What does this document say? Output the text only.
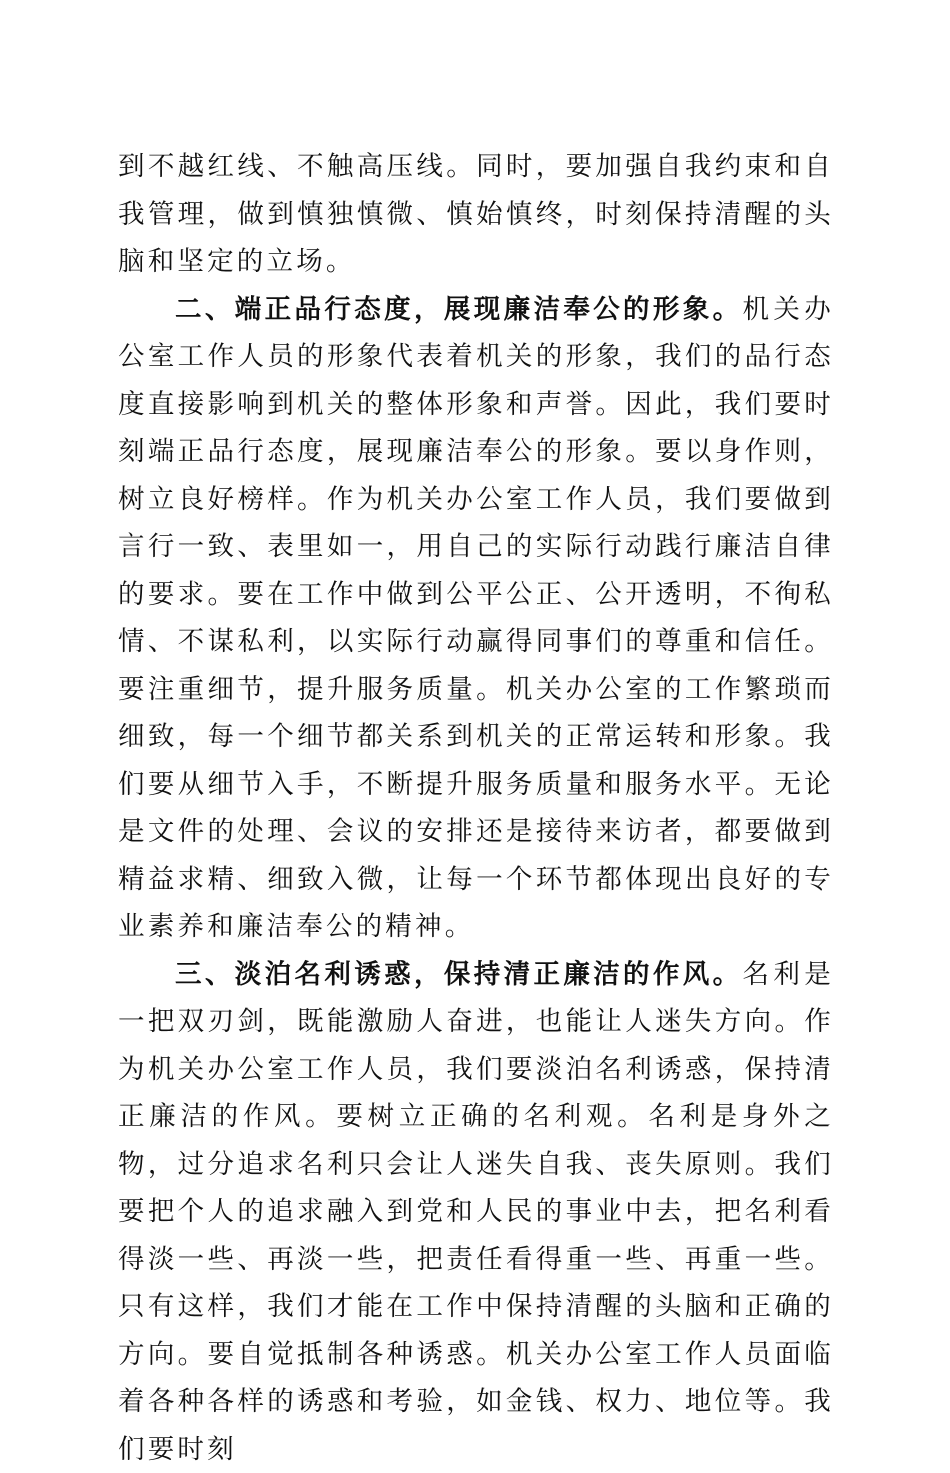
到不越红线、不触高压线。同时，要加强自我约束和自我管理，做到慎独慎微、慎始慎终，时刻保持清醒的头脑和坚定的立场。

二、端正品行态度，展现廉洁奉公的形象。机关办公室工作人员的形象代表着机关的形象，我们的品行态度直接影响到机关的整体形象和声誉。因此，我们要时刻端正品行态度，展现廉洁奉公的形象。要以身作则，树立良好榜样。作为机关办公室工作人员，我们要做到言行一致、表里如一，用自己的实际行动践行廉洁自律的要求。要在工作中做到公平公正、公开透明，不徇私情、不谋私利，以实际行动赢得同事们的尊重和信任。要注重细节，提升服务质量。机关办公室的工作繁琐而细致，每一个细节都关系到机关的正常运转和形象。我们要从细节入手，不断提升服务质量和服务水平。无论是文件的处理、会议的安排还是接待来访者，都要做到精益求精、细致入微，让每一个环节都体现出良好的专业素养和廉洁奉公的精神。

三、淡泊名利诱惑，保持清正廉洁的作风。名利是一把双刃剑，既能激励人奋进，也能让人迷失方向。作为机关办公室工作人员，我们要淡泊名利诱惑，保持清正廉洁的作风。要树立正确的名利观。名利是身外之物，过分追求名利只会让人迷失自我、丧失原则。我们要把个人的追求融入到党和人民的事业中去，把名利看得淡一些、再淡一些，把责任看得重一些、再重一些。只有这样，我们才能在工作中保持清醒的头脑和正确的方向。要自觉抵制各种诱惑。机关办公室工作人员面临着各种各样的诱惑和考验，如金钱、权力、地位等。我们要时刻
